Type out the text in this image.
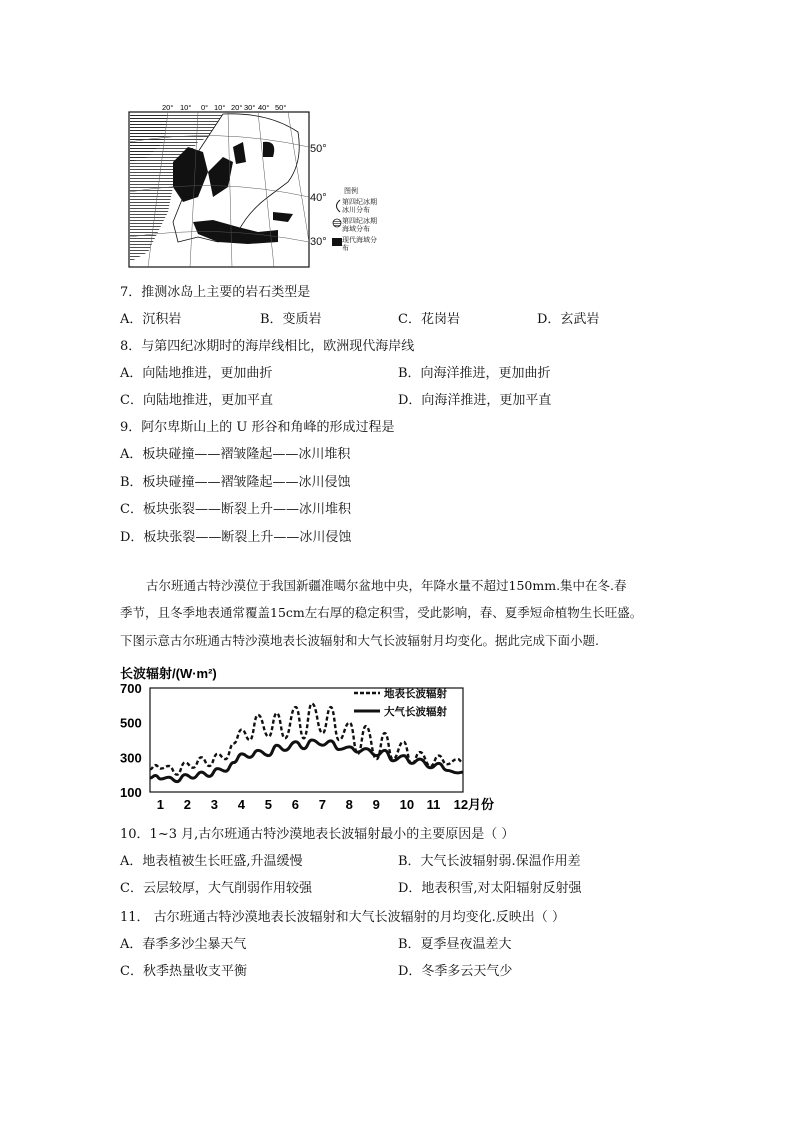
20° 10° 0° 10° 20° 30° 40° 50°
50°
40°
30°
图例
第四纪冰期冰川分布
第四纪冰期海域分布
现代海域分布
7．推测冰岛上主要的岩石类型是
A．沉积岩	B．变质岩	C．花岗岩	D．玄武岩
8．与第四纪冰期时的海岸线相比，欧洲现代海岸线
A．向陆地推进，更加曲折	B．向海洋推进，更加曲折
C．向陆地推进，更加平直	D．向海洋推进，更加平直
9．阿尔卑斯山上的 U 形谷和角峰的形成过程是
A．板块碰撞——褶皱隆起——冰川堆积
B．板块碰撞——褶皱隆起——冰川侵蚀
C．板块张裂——断裂上升——冰川堆积
D．板块张裂——断裂上升——冰川侵蚀
古尔班通古特沙漠位于我国新疆准噶尔盆地中央，年降水量不超过150mm.集中在冬.春
季节，且冬季地表通常覆盖15cm左右厚的稳定积雪，受此影响，春、夏季短命植物生长旺盛。
下图示意古尔班通古特沙漠地表长波辐射和大气长波辐射月均变化。据此完成下面小题.
长波辐射/(W·m²)
700
500
300
100
1 2 3 4 5 6 7 8 9 10 11 12月份
地表长波辐射
大气长波辐射
10．1~3 月,古尔班通古特沙漠地表长波辐射最小的主要原因是（ ）
A．地表植被生长旺盛,升温缓慢	B．大气长波辐射弱.保温作用差
C．云层较厚，大气削弱作用较强	D．地表积雪,对太阳辐射反射强
11． 古尔班通古特沙漠地表长波辐射和大气长波辐射的月均变化.反映出（ ）
A．春季多沙尘暴天气	B．夏季昼夜温差大
C．秋季热量收支平衡	D．冬季多云天气少
